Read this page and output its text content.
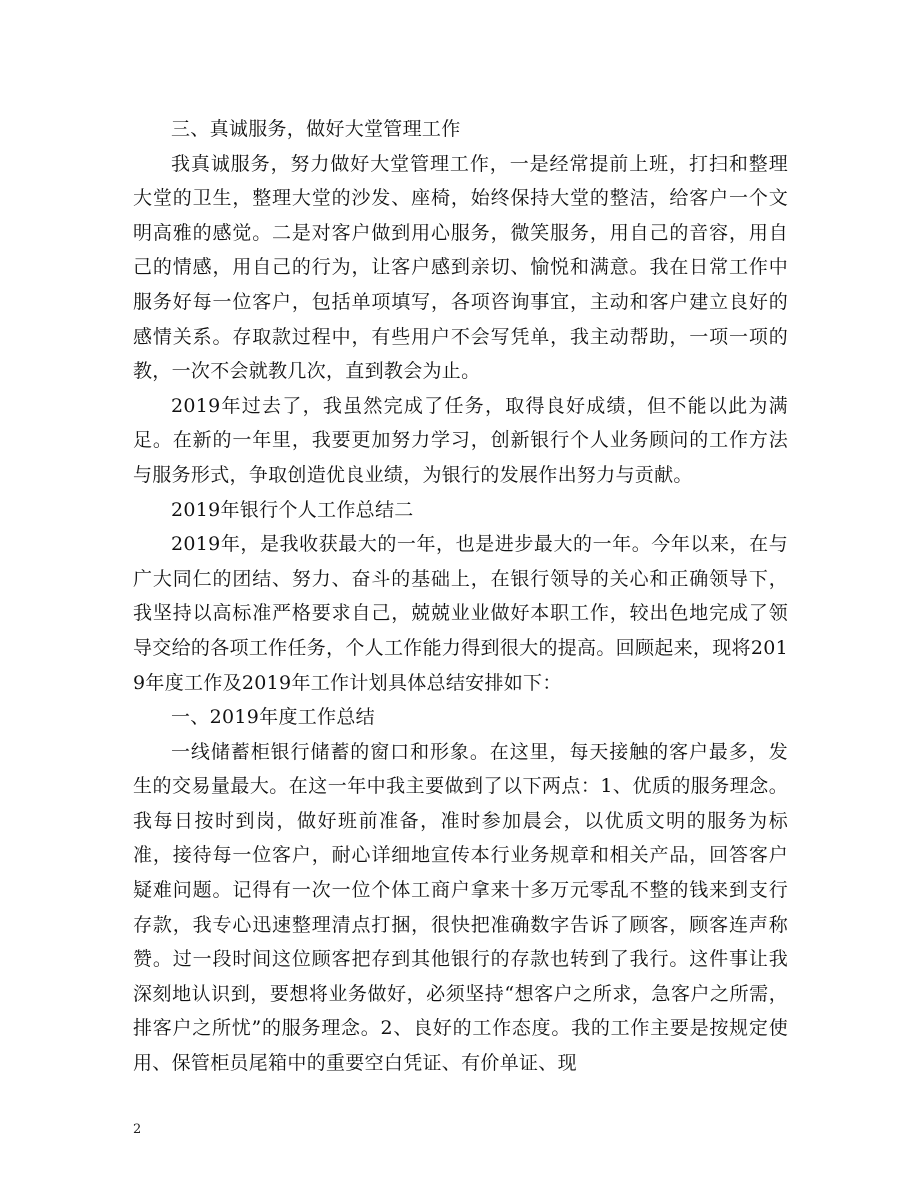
三、真诚服务，做好大堂管理工作

我真诚服务，努力做好大堂管理工作，一是经常提前上班，打扫和整理大堂的卫生，整理大堂的沙发、座椅，始终保持大堂的整洁，给客户一个文明高雅的感觉。二是对客户做到用心服务，微笑服务，用自己的音容，用自己的情感，用自己的行为，让客户感到亲切、愉悦和满意。我在日常工作中服务好每一位客户，包括单项填写，各项咨询事宜，主动和客户建立良好的感情关系。存取款过程中，有些用户不会写凭单，我主动帮助，一项一项的教，一次不会就教几次，直到教会为止。

2019年过去了，我虽然完成了任务，取得良好成绩，但不能以此为满足。在新的一年里，我要更加努力学习，创新银行个人业务顾问的工作方法与服务形式，争取创造优良业绩，为银行的发展作出努力与贡献。

2019年银行个人工作总结二

2019年，是我收获最大的一年，也是进步最大的一年。今年以来，在与广大同仁的团结、努力、奋斗的基础上，在银行领导的关心和正确领导下，我坚持以高标准严格要求自己，兢兢业业做好本职工作，较出色地完成了领导交给的各项工作任务，个人工作能力得到很大的提高。回顾起来，现将2019年度工作及2019年工作计划具体总结安排如下：

一、2019年度工作总结

一线储蓄柜银行储蓄的窗口和形象。在这里，每天接触的客户最多，发生的交易量最大。在这一年中我主要做到了以下两点：1、优质的服务理念。我每日按时到岗，做好班前准备，准时参加晨会，以优质文明的服务为标准，接待每一位客户，耐心详细地宣传本行业务规章和相关产品，回答客户疑难问题。记得有一次一位个体工商户拿来十多万元零乱不整的钱来到支行存款，我专心迅速整理清点打捆，很快把准确数字告诉了顾客，顾客连声称赞。过一段时间这位顾客把存到其他银行的存款也转到了我行。这件事让我深刻地认识到，要想将业务做好，必须坚持“想客户之所求，急客户之所需，排客户之所忧”的服务理念。2、良好的工作态度。我的工作主要是按规定使用、保管柜员尾箱中的重要空白凭证、有价单证、现

2
